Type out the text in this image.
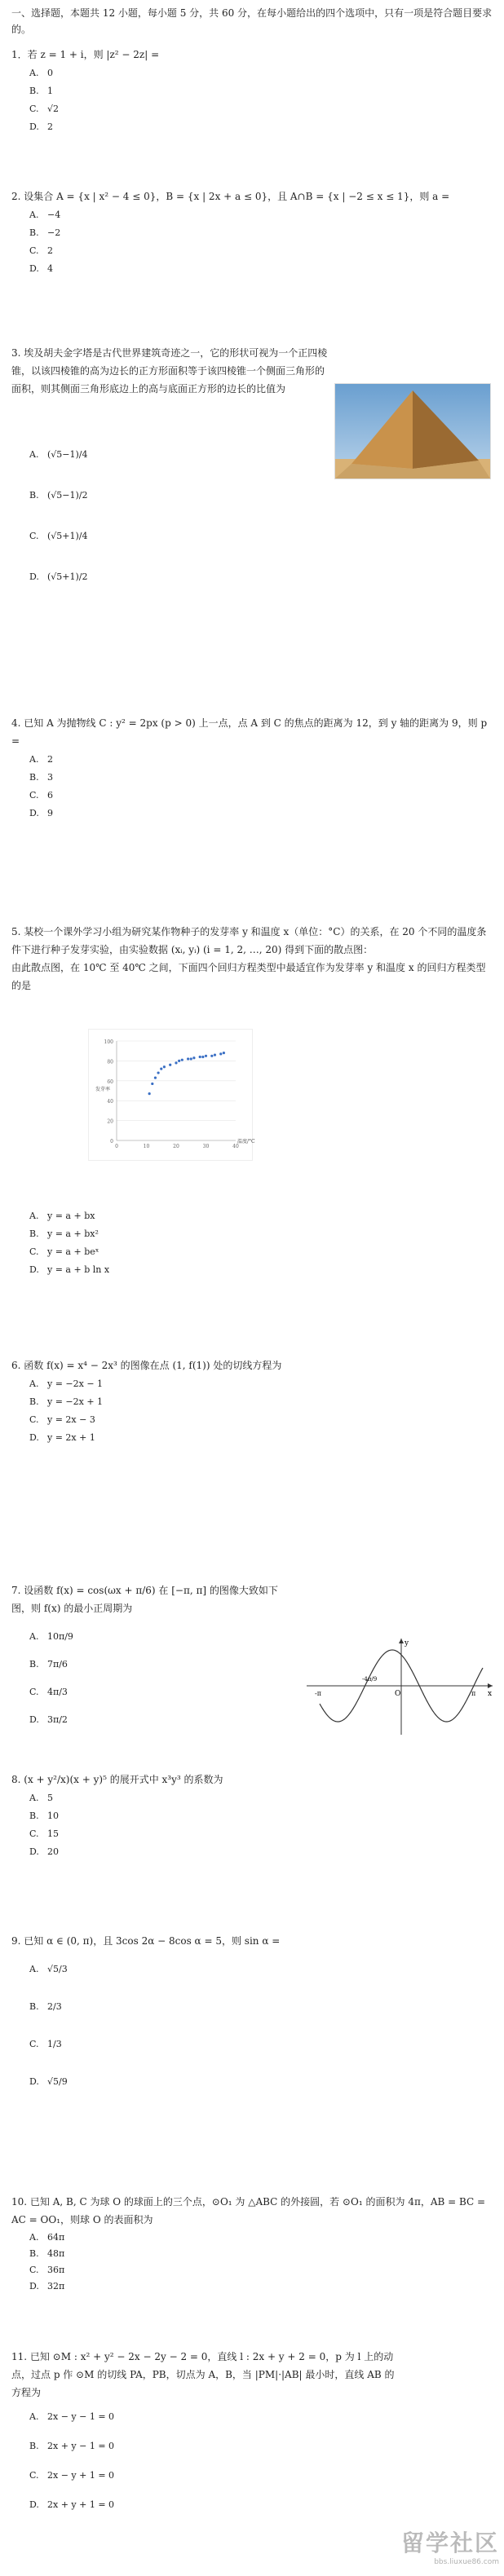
一、选择题，本题共 12 小题，每小题 5 分，共 60 分，在每小题给出的四个选项中，只有一项是符合题目要求的。
1．若 z = 1 + i，则 |z² − 2z| =
A. 0
B. 1
C. √2
D. 2
2. 设集合 A = {x | x² − 4 ≤ 0}，B = {x | 2x + a ≤ 0}，且 A∩B = {x | −2 ≤ x ≤ 1}，则 a =
A. −4
B. −2
C. 2
D. 4
3. 埃及胡夫金字塔是古代世界建筑奇迹之一，它的形状可视为一个正四棱锥，以该四棱锥的高为边长的正方形面积等于该四棱锥一个侧面三角形的面积，则其侧面三角形底边上的高与底面正方形的边长的比值为
A. (√5−1)/4
B. (√5−1)/2
C. (√5+1)/4
D. (√5+1)/2
4. 已知 A 为抛物线 C : y² = 2px (p > 0) 上一点，点 A 到 C 的焦点的距离为 12，到 y 轴的距离为 9，则 p =
A. 2
B. 3
C. 6
D. 9
5. 某校一个课外学习小组为研究某作物种子的发芽率 y 和温度 x（单位：°C）的关系，在 20 个不同的温度条件下进行种子发芽实验，由实验数据 (xᵢ, yᵢ) (i = 1, 2, …, 20) 得到下面的散点图：
由此散点图，在 10℃ 至 40℃ 之间，下面四个回归方程类型中最适宜作为发芽率 y 和温度 x 的回归方程类型的是
0
20
40
60
80
100
0	10	20	30	40
发芽率
温度/°C
A. y = a + bx
B. y = a + bx²
C. y = a + beˣ
D. y = a + b ln x
6. 函数 f(x) = x⁴ − 2x³ 的图像在点 (1, f(1)) 处的切线方程为
A. y = −2x − 1
B. y = −2x + 1
C. y = 2x − 3
D. y = 2x + 1
7. 设函数 f(x) = cos(ωx + π/6) 在 [−π, π] 的图像大致如下图，则 f(x) 的最小正周期为
A. 10π/9
B. 7π/6
C. 4π/3
D. 3π/2
y
x
O
-π	π
-4π/9
8. (x + y²/x)(x + y)⁵ 的展开式中 x³y³ 的系数为
A. 5
B. 10
C. 15
D. 20
9. 已知 α ∈ (0, π)，且 3cos 2α − 8cos α = 5，则 sin α =
A. √5/3
B. 2/3
C. 1/3
D. √5/9
10. 已知 A, B, C 为球 O 的球面上的三个点，⊙O₁ 为 △ABC 的外接圆，若 ⊙O₁ 的面积为 4π，AB = BC = AC = OO₁，则球 O 的表面积为
A. 64π
B. 48π
C. 36π
D. 32π
11. 已知 ⊙M : x² + y² − 2x − 2y − 2 = 0，直线 l : 2x + y + 2 = 0，p 为 l 上的动点，过点 p 作 ⊙M 的切线 PA，PB，切点为 A，B，当 |PM|·|AB| 最小时，直线 AB 的方程为
A. 2x − y − 1 = 0
B. 2x + y − 1 = 0
C. 2x − y + 1 = 0
D. 2x + y + 1 = 0
留学社区
bbs.liuxue86.com
